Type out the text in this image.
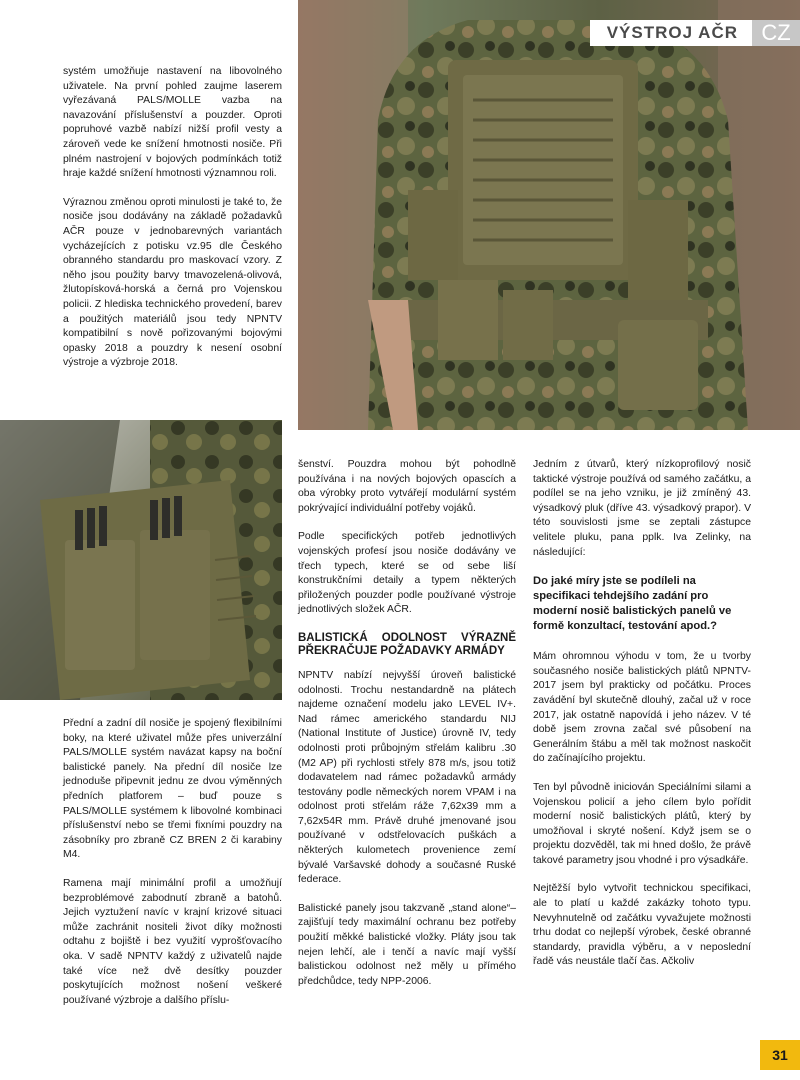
VÝSTROJ AČR	CZ

systém umožňuje nastavení na libovolného uživatele. Na první pohled zaujme laserem vyřezávaná PALS/MOLLE vazba na navazování příslušenství a pouzder. Oproti popruhové vazbě nabízí nižší profil vesty a zároveň vede ke snížení hmotnosti nosiče. Při plném nastrojení v bojových podmínkách totiž hraje každé snížení hmotnosti významnou roli.

Výraznou změnou oproti minulosti je také to, že nosiče jsou dodávány na základě požadavků AČR pouze v jednobarevných variantách vycházejících z potisku vz.95 dle Českého obranného standardu pro maskovací vzory. Z něho jsou použity barvy tmavozelená-olivová, žlutopísková-horská a černá pro Vojenskou policii. Z hlediska technického provedení, barev a použitých materiálů jsou tedy NPNTV kompatibilní s nově pořizovanými bojovými opasky 2018 a pouzdry k nesení osobní výstroje a výzbroje 2018.

Přední a zadní díl nosiče je spojený flexibilními boky, na které uživatel může přes univerzální PALS/MOLLE systém navázat kapsy na boční balistické panely. Na přední díl nosiče lze jednoduše připevnit jednu ze dvou výměnných předních platforem – buď pouze s PALS/MOLLE systémem k libovolné kombinaci příslušenství nebo se třemi fixními pouzdry na zásobníky pro zbraně CZ BREN 2 či karabiny M4.

Ramena mají minimální profil a umožňují bezproblémové zabodnutí zbraně a batohů. Jejich vyztužení navíc v krajní krizové situaci může zachránit nositeli život díky možnosti odtahu z bojiště i bez využití vyprošťovacího oka. V sadě NPNTV každý z uživatelů najde také více než dvě desítky pouzder poskytujících možnost nošení veškeré používané výzbroje a dalšího příslu-

šenství. Pouzdra mohou být pohodlně používána i na nových bojových opascích a oba výrobky proto vytvářejí modulární systém pokrývající individuální potřeby vojáků.

Podle specifických potřeb jednotlivých vojenských profesí jsou nosiče dodávány ve třech typech, které se od sebe liší konstrukčními detaily a typem některých přiložených pouzder podle používané výstroje jednotlivých složek AČR.

BALISTICKÁ ODOLNOST VÝRAZNĚ PŘEKRAČUJE POŽADAVKY ARMÁDY

NPNTV nabízí nejvyšší úroveň balistické odolnosti. Trochu nestandardně na plátech najdeme označení modelu jako LEVEL IV+. Nad rámec amerického standardu NIJ (National Institute of Justice) úrovně IV, tedy odolnosti proti průbojným střelám kalibru .30 (M2 AP) při rychlosti střely 878 m/s, jsou totiž dodavatelem nad rámec požadavků armády testovány podle německých norem VPAM i na odolnost proti střelám ráže 7,62x39 mm a 7,62x54R mm. Právě druhé jmenované jsou používané v odstřelovacích puškách a některých kulometech provenience zemí bývalé Varšavské dohody a současné Ruské federace.

Balistické panely jsou takzvaně „stand alone“– zajišťují tedy maximální ochranu bez potřeby použití měkké balistické vložky. Pláty jsou tak nejen lehčí, ale i tenčí a navíc mají vyšší balistickou odolnost než měly u přímého předchůdce, tedy NPP-2006.

Jedním z útvarů, který nízkoprofilový nosič taktické výstroje používá od samého začátku, a podílel se na jeho vzniku, je již zmíněný 43. výsadkový pluk (dříve 43. výsadkový prapor). V této souvislosti jsme se zeptali zástupce velitele pluku, pana pplk. Iva Zelinky, na následující:

Do jaké míry jste se podíleli na specifikaci tehdejšího zadání pro moderní nosič balistických panelů ve formě konzultací, testování apod.?

Mám ohromnou výhodu v tom, že u tvorby současného nosiče balistických plátů NPNTV-2017 jsem byl prakticky od počátku. Proces zavádění byl skutečně dlouhý, začal už v roce 2017, jak ostatně napovídá i jeho název. V té době jsem zrovna začal své působení na Generálním štábu a měl tak možnost naskočit do začínajícího projektu.

Ten byl původně iniciován Speciálními silami a Vojenskou policií a jeho cílem bylo pořídit moderní nosič balistických plátů, který by umožňoval i skryté nošení. Když jsem se o projektu dozvěděl, tak mi hned došlo, že právě takové parametry jsou vhodné i pro výsadkáře.

Nejtěžší bylo vytvořit technickou specifikaci, ale to platí u každé zakázky tohoto typu. Nevyhnutelně od začátku vyvažujete možnosti trhu dodat co nejlepší výrobek, české obranné standardy, pravidla výběru, a v neposlední řadě vás neustále tlačí čas. Ačkoliv

31
